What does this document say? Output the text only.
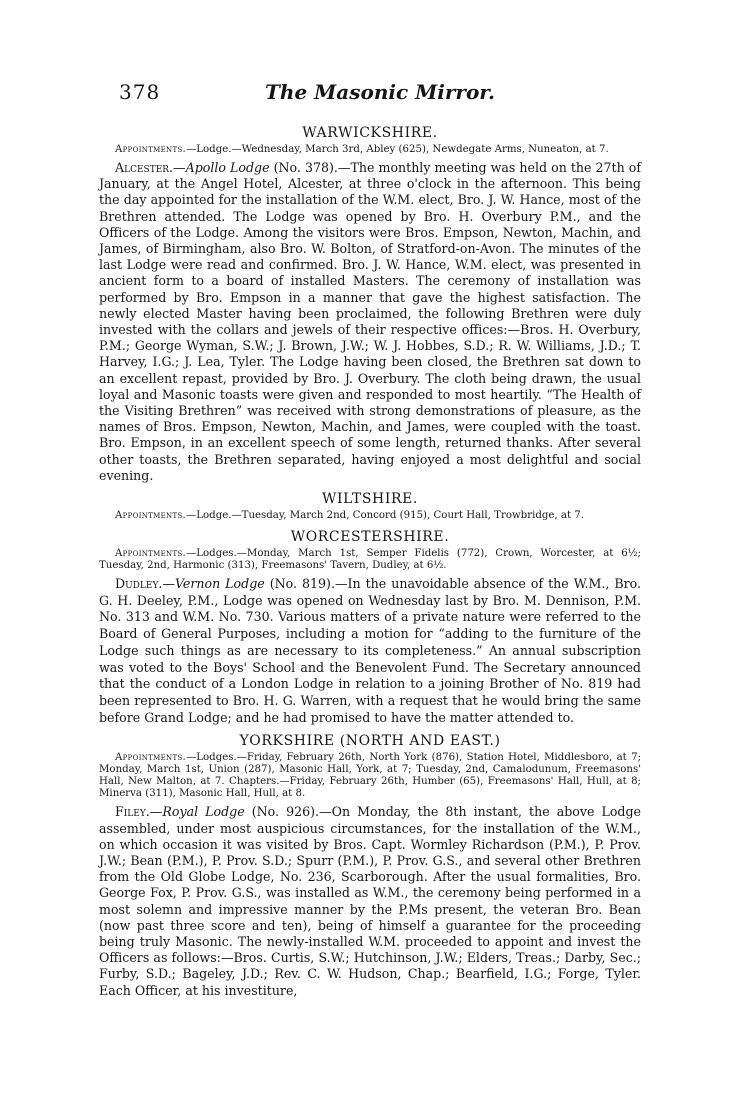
378	The Masonic Mirror.
WARWICKSHIRE.

Appointments.—Lodge.—Wednesday, March 3rd, Abley (625), Newdegate Arms, Nuneaton, at 7.

Alcester.—Apollo Lodge (No. 378).—The monthly meeting was held on the 27th of January, at the Angel Hotel, Alcester, at three o'clock in the afternoon. This being the day appointed for the installation of the W.M. elect, Bro. J. W. Hance, most of the Brethren attended. The Lodge was opened by Bro. H. Overbury P.M., and the Officers of the Lodge. Among the visitors were Bros. Empson, Newton, Machin, and James, of Birmingham, also Bro. W. Bolton, of Stratford-on-Avon. The minutes of the last Lodge were read and confirmed. Bro. J. W. Hance, W.M. elect, was presented in ancient form to a board of installed Masters. The ceremony of installation was performed by Bro. Empson in a manner that gave the highest satisfaction. The newly elected Master having been proclaimed, the following Brethren were duly invested with the collars and jewels of their respective offices:—Bros. H. Overbury, P.M.; George Wyman, S.W.; J. Brown, J.W.; W. J. Hobbes, S.D.; R. W. Williams, J.D.; T. Harvey, I.G.; J. Lea, Tyler. The Lodge having been closed, the Brethren sat down to an excellent repast, provided by Bro. J. Overbury. The cloth being drawn, the usual loyal and Masonic toasts were given and responded to most heartily. “The Health of the Visiting Brethren” was received with strong demonstrations of pleasure, as the names of Bros. Empson, Newton, Machin, and James, were coupled with the toast. Bro. Empson, in an excellent speech of some length, returned thanks. After several other toasts, the Brethren separated, having enjoyed a most delightful and social evening.

WILTSHIRE.

Appointments.—Lodge.—Tuesday, March 2nd, Concord (915), Court Hall, Trowbridge, at 7.

WORCESTERSHIRE.

Appointments.—Lodges.—Monday, March 1st, Semper Fidelis (772), Crown, Worcester, at 6½; Tuesday, 2nd, Harmonic (313), Freemasons' Tavern, Dudley, at 6½.

Dudley.—Vernon Lodge (No. 819).—In the unavoidable absence of the W.M., Bro. G. H. Deeley, P.M., Lodge was opened on Wednesday last by Bro. M. Dennison, P.M. No. 313 and W.M. No. 730. Various matters of a private nature were referred to the Board of General Purposes, including a motion for “adding to the furniture of the Lodge such things as are necessary to its completeness.” An annual subscription was voted to the Boys' School and the Benevolent Fund. The Secretary announced that the conduct of a London Lodge in relation to a joining Brother of No. 819 had been represented to Bro. H. G. Warren, with a request that he would bring the same before Grand Lodge; and he had promised to have the matter attended to.

YORKSHIRE (NORTH AND EAST.)

Appointments.—Lodges.—Friday, February 26th, North York (876), Station Hotel, Middlesboro, at 7; Monday, March 1st, Union (287), Masonic Hall, York, at 7; Tuesday, 2nd, Camalodunum, Freemasons' Hall, New Malton, at 7. Chapters.—Friday, February 26th, Humber (65), Freemasons' Hall, Hull, at 8; Minerva (311), Masonic Hall, Hull, at 8.

Filey.—Royal Lodge (No. 926).—On Monday, the 8th instant, the above Lodge assembled, under most auspicious circumstances, for the installation of the W.M., on which occasion it was visited by Bros. Capt. Wormley Richardson (P.M.), P. Prov. J.W.; Bean (P.M.), P. Prov. S.D.; Spurr (P.M.), P. Prov. G.S., and several other Brethren from the Old Globe Lodge, No. 236, Scarborough. After the usual formalities, Bro. George Fox, P. Prov. G.S., was installed as W.M., the ceremony being performed in a most solemn and impressive manner by the P.Ms present, the veteran Bro. Bean (now past three score and ten), being of himself a guarantee for the proceeding being truly Masonic. The newly-installed W.M. proceeded to appoint and invest the Officers as follows:—Bros. Curtis, S.W.; Hutchinson, J.W.; Elders, Treas.; Darby, Sec.; Furby, S.D.; Bageley, J.D.; Rev. C. W. Hudson, Chap.; Bearfield, I.G.; Forge, Tyler. Each Officer, at his investiture,
